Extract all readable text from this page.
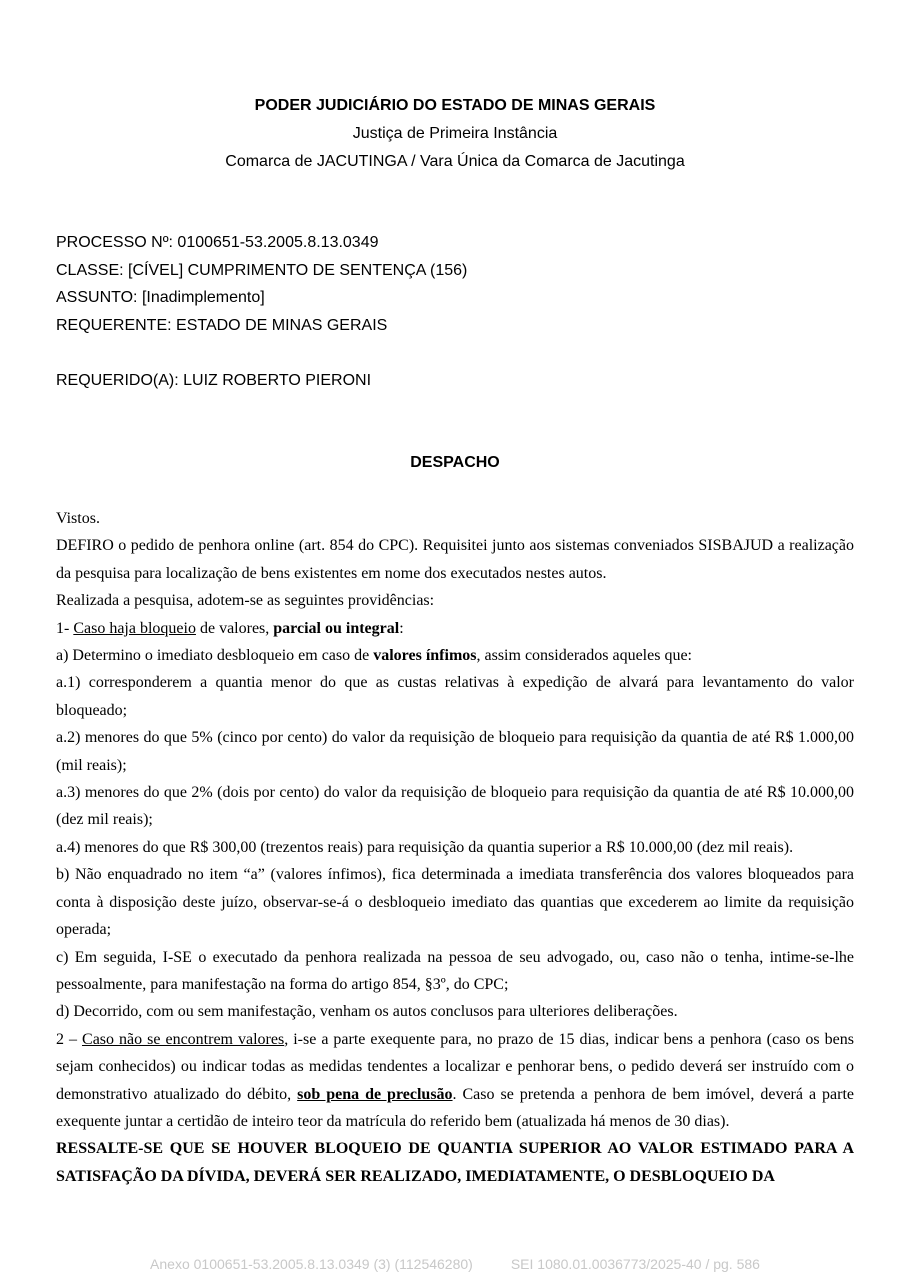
PODER JUDICIÁRIO DO ESTADO DE MINAS GERAIS
Justiça de Primeira Instância
Comarca de JACUTINGA / Vara Única da Comarca de Jacutinga
PROCESSO Nº: 0100651-53.2005.8.13.0349
CLASSE: [CÍVEL] CUMPRIMENTO DE SENTENÇA (156)
ASSUNTO: [Inadimplemento]
REQUERENTE: ESTADO DE MINAS GERAIS
REQUERIDO(A): LUIZ ROBERTO PIERONI
DESPACHO

Vistos.

DEFIRO o pedido de penhora online (art. 854 do CPC). Requisitei junto aos sistemas conveniados SISBAJUD a realização da pesquisa para localização de bens existentes em nome dos executados nestes autos.

Realizada a pesquisa, adotem-se as seguintes providências:

1- Caso haja bloqueio de valores, parcial ou integral:

a) Determino o imediato desbloqueio em caso de valores ínfimos, assim considerados aqueles que:

a.1) corresponderem a quantia menor do que as custas relativas à expedição de alvará para levantamento do valor bloqueado;

a.2) menores do que 5% (cinco por cento) do valor da requisição de bloqueio para requisição da quantia de até R$ 1.000,00 (mil reais);

a.3) menores do que 2% (dois por cento) do valor da requisição de bloqueio para requisição da quantia de até R$ 10.000,00 (dez mil reais);

a.4) menores do que R$ 300,00 (trezentos reais) para requisição da quantia superior a R$ 10.000,00 (dez mil reais).

b) Não enquadrado no item “a” (valores ínfimos), fica determinada a imediata transferência dos valores bloqueados para conta à disposição deste juízo, observar-se-á o desbloqueio imediato das quantias que excederem ao limite da requisição operada;

c) Em seguida, I-SE o executado da penhora realizada na pessoa de seu advogado, ou, caso não o tenha, intime-se-lhe pessoalmente, para manifestação na forma do artigo 854, §3º, do CPC;

d) Decorrido, com ou sem manifestação, venham os autos conclusos para ulteriores deliberações.

2 – Caso não se encontrem valores, i-se a parte exequente para, no prazo de 15 dias, indicar bens a penhora (caso os bens sejam conhecidos) ou indicar todas as medidas tendentes a localizar e penhorar bens, o pedido deverá ser instruído com o demonstrativo atualizado do débito, sob pena de preclusão. Caso se pretenda a penhora de bem imóvel, deverá a parte exequente juntar a certidão de inteiro teor da matrícula do referido bem (atualizada há menos de 30 dias).

RESSALTE-SE QUE SE HOUVER BLOQUEIO DE QUANTIA SUPERIOR AO VALOR ESTIMADO PARA A SATISFAÇÃO DA DÍVIDA, DEVERÁ SER REALIZADO, IMEDIATAMENTE, O DESBLOQUEIO DA

Anexo 0100651-53.2005.8.13.0349 (3) (112546280)	SEI 1080.01.0036773/2025-40 / pg. 586
